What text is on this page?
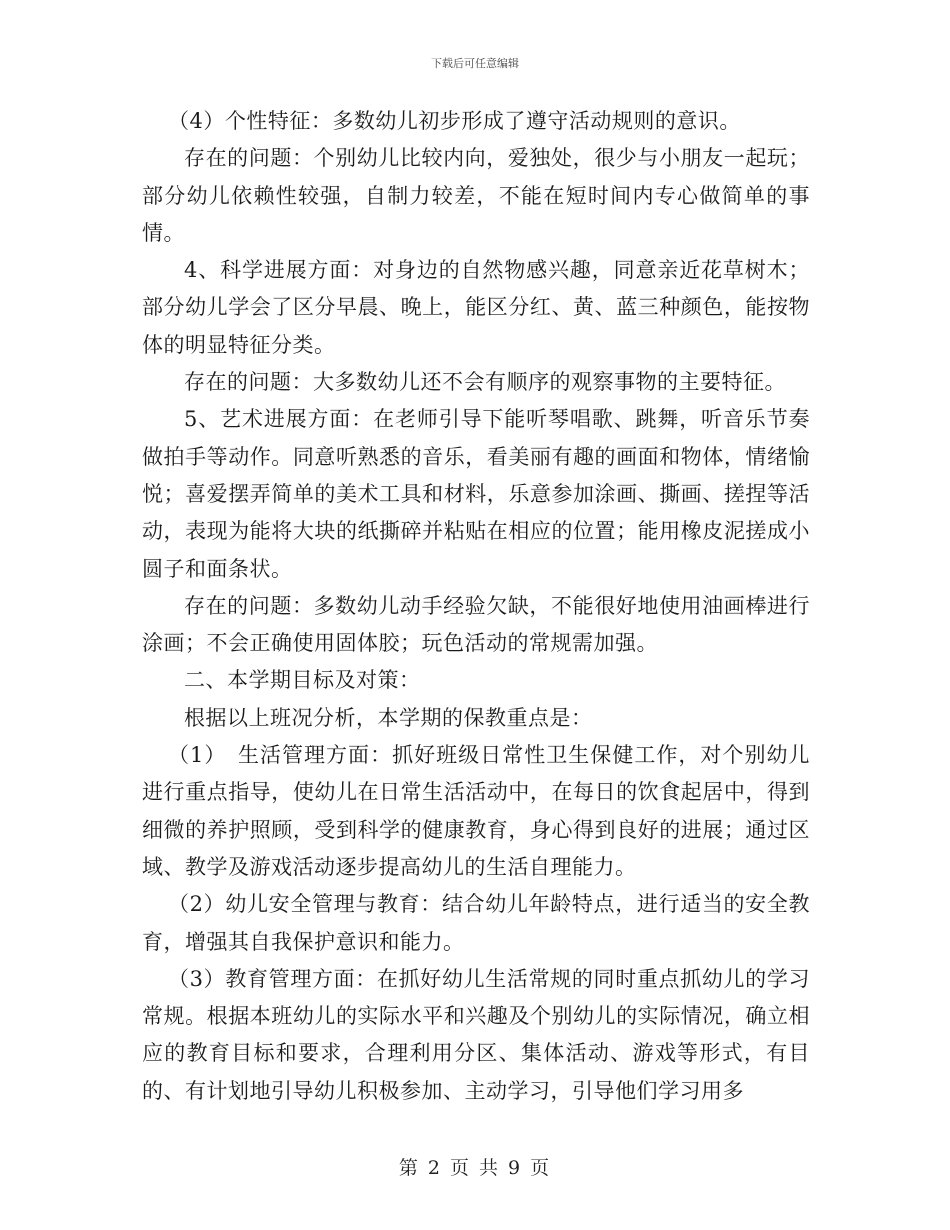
下载后可任意编辑

（4）个性特征：多数幼儿初步形成了遵守活动规则的意识。

存在的问题：个别幼儿比较内向，爱独处，很少与小朋友一起玩；部分幼儿依赖性较强，自制力较差，不能在短时间内专心做简单的事情。

4、科学进展方面：对身边的自然物感兴趣，同意亲近花草树木；部分幼儿学会了区分早晨、晚上，能区分红、黄、蓝三种颜色，能按物体的明显特征分类。

存在的问题：大多数幼儿还不会有顺序的观察事物的主要特征。

5、艺术进展方面：在老师引导下能听琴唱歌、跳舞，听音乐节奏做拍手等动作。同意听熟悉的音乐，看美丽有趣的画面和物体，情绪愉悦；喜爱摆弄简单的美术工具和材料，乐意参加涂画、撕画、搓捏等活动，表现为能将大块的纸撕碎并粘贴在相应的位置；能用橡皮泥搓成小圆子和面条状。

存在的问题：多数幼儿动手经验欠缺，不能很好地使用油画棒进行涂画；不会正确使用固体胶；玩色活动的常规需加强。

二、本学期目标及对策：

根据以上班况分析，本学期的保教重点是：

（1）　生活管理方面：抓好班级日常性卫生保健工作，对个别幼儿进行重点指导，使幼儿在日常生活活动中，在每日的饮食起居中，得到细微的养护照顾，受到科学的健康教育，身心得到良好的进展；通过区域、教学及游戏活动逐步提高幼儿的生活自理能力。

（2）幼儿安全管理与教育：结合幼儿年龄特点，进行适当的安全教育，增强其自我保护意识和能力。

（3）教育管理方面：在抓好幼儿生活常规的同时重点抓幼儿的学习常规。根据本班幼儿的实际水平和兴趣及个别幼儿的实际情况，确立相应的教育目标和要求，合理利用分区、集体活动、游戏等形式，有目的、有计划地引导幼儿积极参加、主动学习，引导他们学习用多

第 2 页 共 9 页
